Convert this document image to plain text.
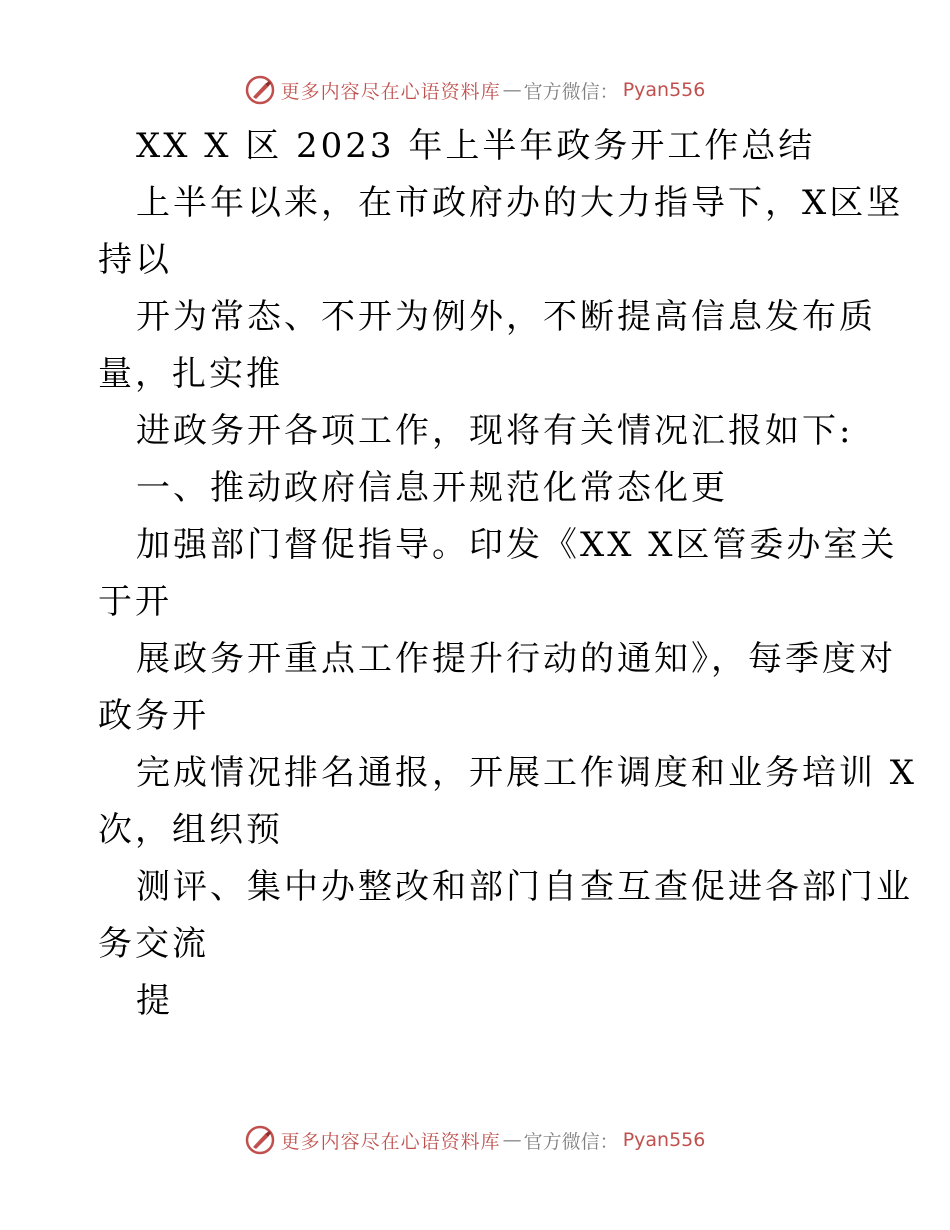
更多内容尽在心语资料库 — 官方微信： Pyan556
XX X 区 2023 年上半年政务开工作总结
上半年以来，在市政府办的大力指导下，X区坚
持以
开为常态、不开为例外，不断提高信息发布质
量，扎实推
进政务开各项工作，现将有关情况汇报如下:
一、推动政府信息开规范化常态化更
加强部门督促指导。印发《XX X区管委办室关
于开
展政务开重点工作提升行动的通知》，每季度对
政务开
完成情况排名通报，开展工作调度和业务培训 X
次，组织预
测评、集中办整改和部门自查互查促进各部门业
务交流
提
更多内容尽在心语资料库 — 官方微信： Pyan556
